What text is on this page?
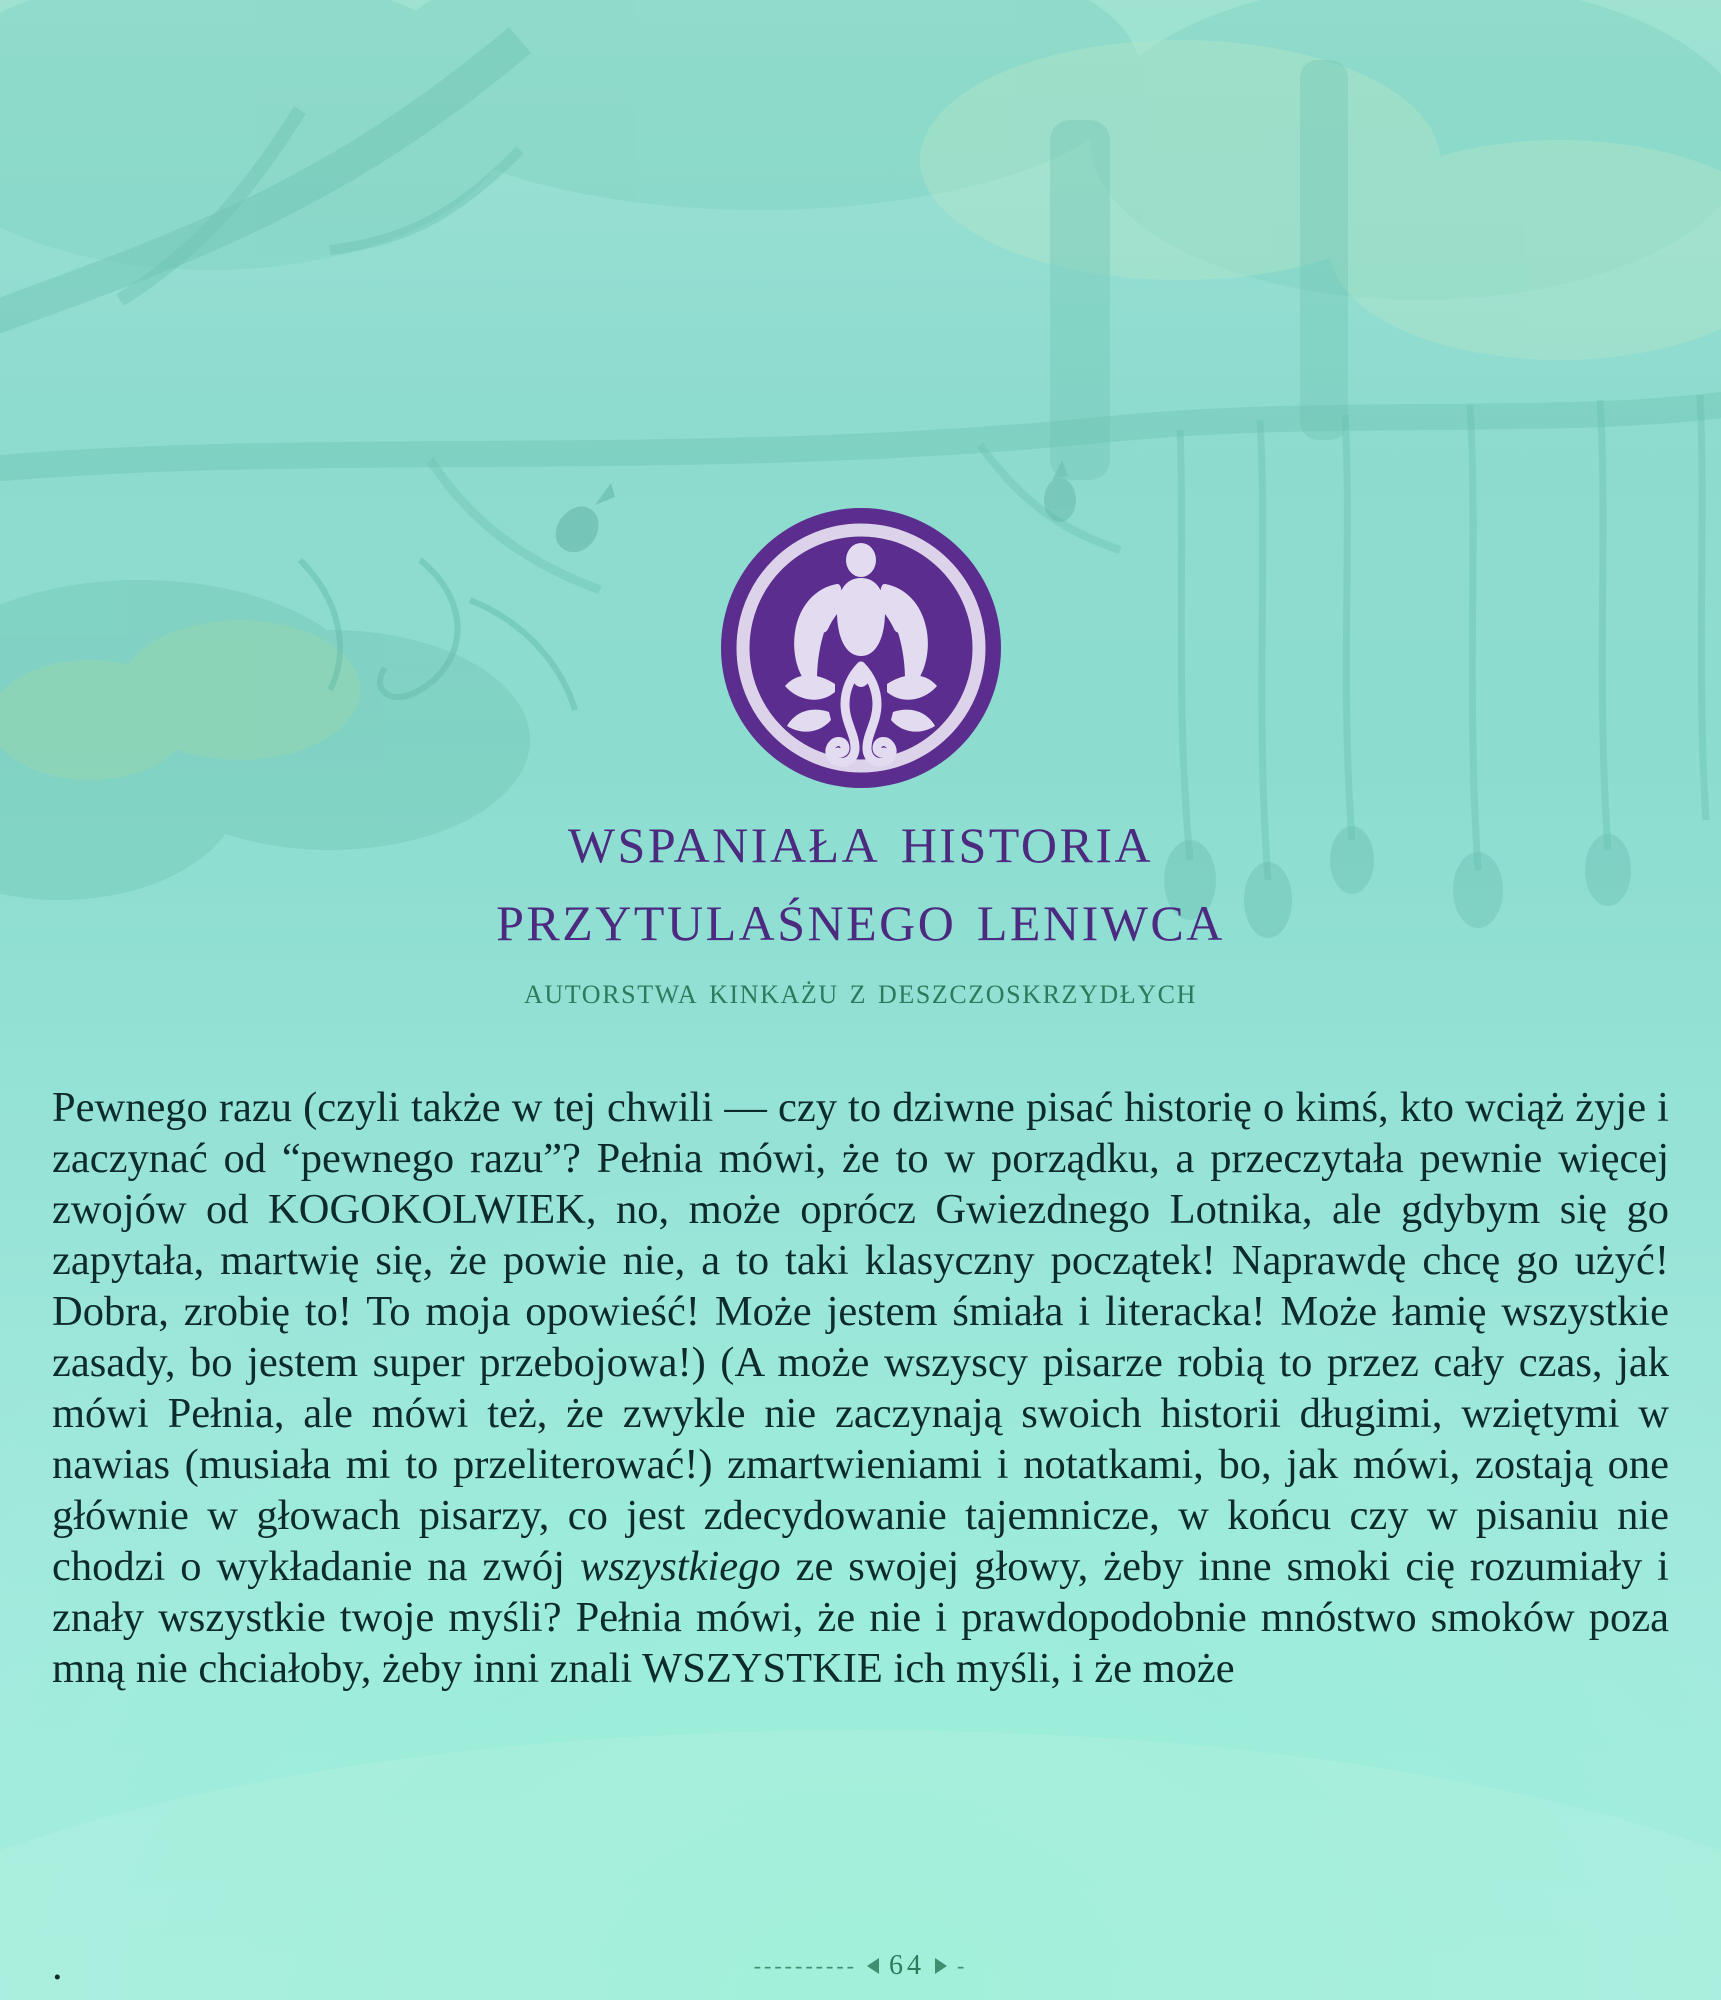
wspaniała historia
przytulaśnego leniwca
autorstwa kinkażu z deszczoskrzydłych

Pewnego razu (czyli także w tej chwili — czy to dziwne pisać historię o kimś, kto wciąż żyje i zaczynać od “pewnego razu”? Pełnia mówi, że to w porządku, a przeczytała pewnie więcej zwojów od KOGOKOLWIEK, no, może oprócz Gwiezdnego Lotnika, ale gdybym się go zapytała, martwię się, że powie nie, a to taki klasyczny początek! Naprawdę chcę go użyć! Dobra, zrobię to! To moja opowieść! Może jestem śmiała i literacka! Może łamię wszystkie zasady, bo jestem super przebojowa!) (A może wszyscy pisarze robią to przez cały czas, jak mówi Pełnia, ale mówi też, że zwykle nie zaczynają swoich historii długimi, wziętymi w nawias (musiała mi to przeliterować!) zmartwieniami i notatkami, bo, jak mówi, zostają one głównie w głowach pisarzy, co jest zdecydowanie tajemnicze, w końcu czy w pisaniu nie chodzi o wykładanie na zwój wszystkiego ze swojej głowy, żeby inne smoki cię rozumiały i znały wszystkie twoje myśli? Pełnia mówi, że nie i prawdopodobnie mnóstwo smoków poza mną nie chciałoby, żeby inni znali WSZYSTKIE ich myśli, i że może

.	---------- 64 -
